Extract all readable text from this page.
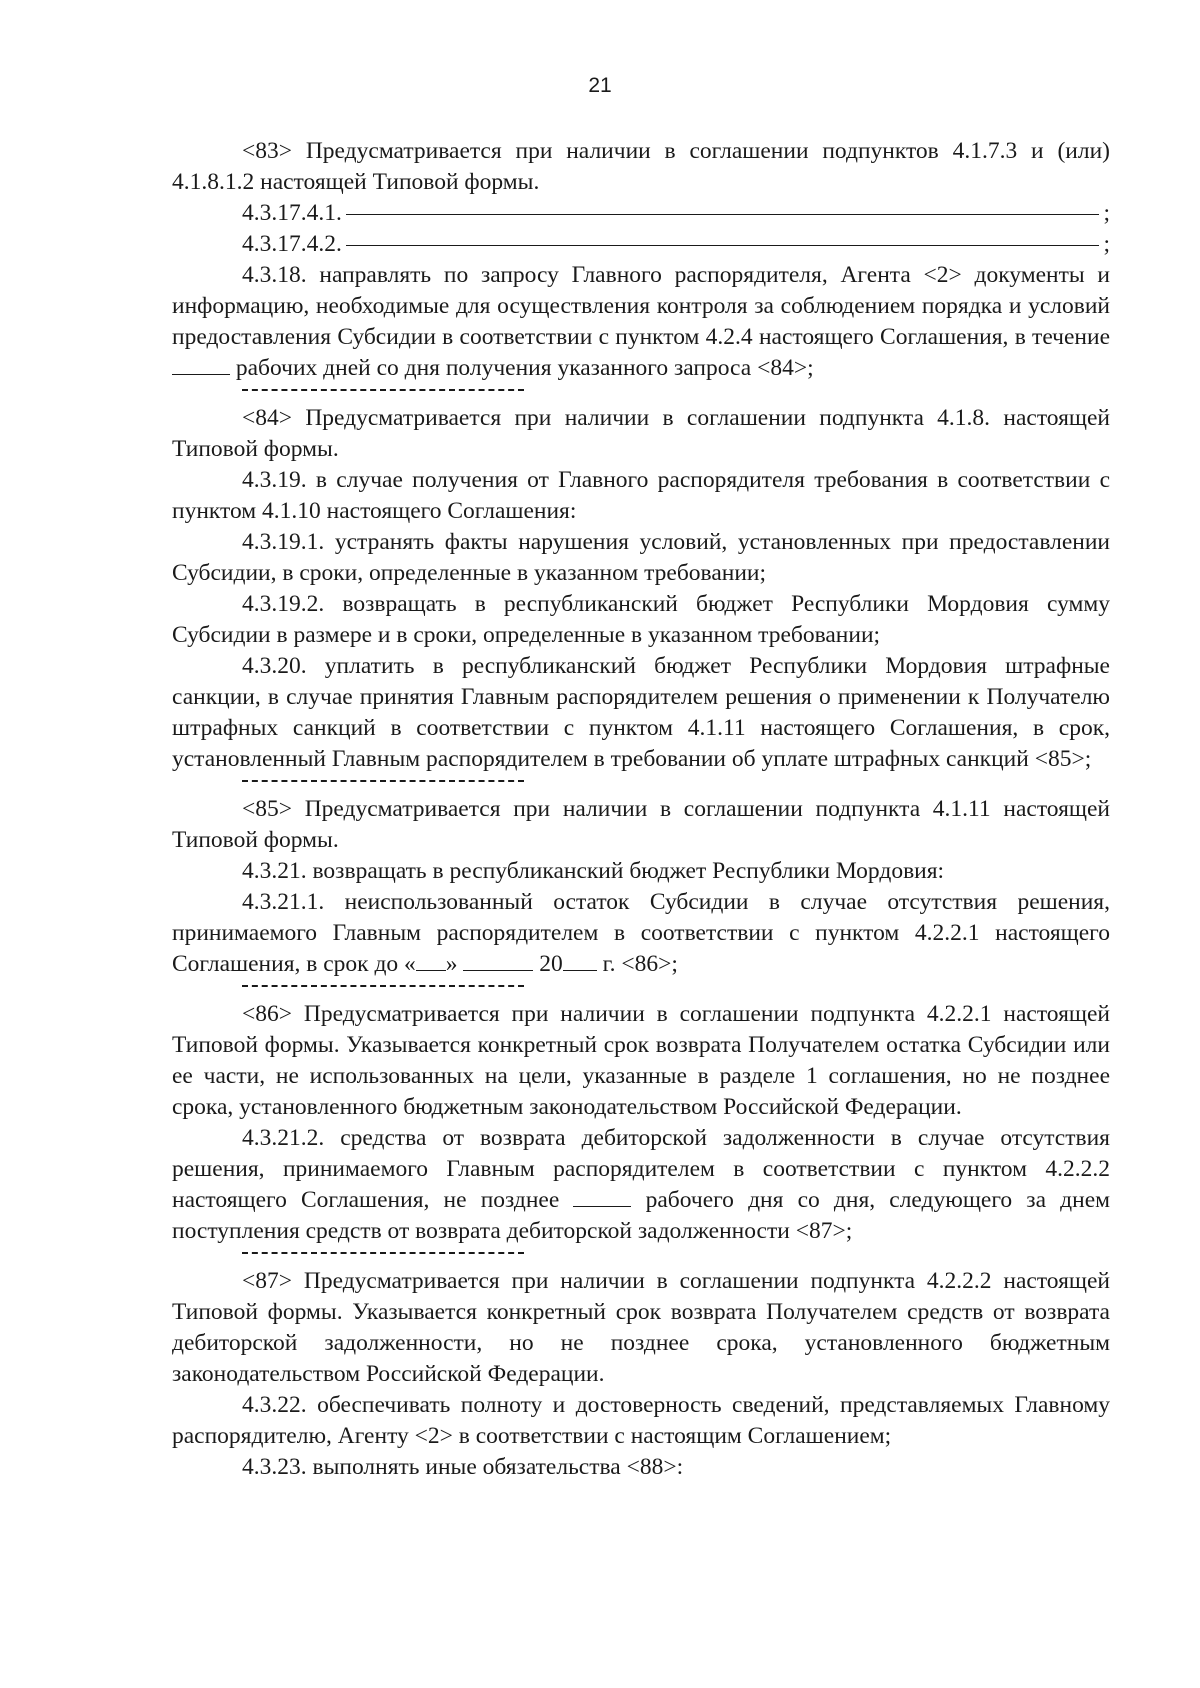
21

<83> Предусматривается при наличии в соглашении подпунктов 4.1.7.3 и (или) 4.1.8.1.2 настоящей Типовой формы.

4.3.17.4.1.	;
4.3.17.4.2.	;

4.3.18. направлять по запросу Главного распорядителя, Агента <2> документы и информацию, необходимые для осуществления контроля за соблюдением порядка и условий предоставления Субсидии в соответствии с пунктом 4.2.4 настоящего Соглашения, в течение  рабочих дней со дня получения указанного запроса <84>;

<84> Предусматривается при наличии в соглашении подпункта 4.1.8. настоящей Типовой формы.

4.3.19. в случае получения от Главного распорядителя требования в соответствии с пунктом 4.1.10 настоящего Соглашения:

4.3.19.1. устранять факты нарушения условий, установленных при предоставлении Субсидии, в сроки, определенные в указанном требовании;

4.3.19.2. возвращать в республиканский бюджет Республики Мордовия сумму Субсидии в размере и в сроки, определенные в указанном требовании;

4.3.20. уплатить в республиканский бюджет Республики Мордовия штрафные санкции, в случае принятия Главным распорядителем решения о применении к Получателю штрафных санкций в соответствии с пунктом 4.1.11 настоящего Соглашения, в срок, установленный Главным распорядителем в требовании об уплате штрафных санкций <85>;

<85> Предусматривается при наличии в соглашении подпункта 4.1.11 настоящей Типовой формы.

4.3.21. возвращать в республиканский бюджет Республики Мордовия:

4.3.21.1. неиспользованный остаток Субсидии в случае отсутствия решения, принимаемого Главным распорядителем в соответствии с пунктом 4.2.2.1 настоящего Соглашения, в срок до « »	20 г. <86>;

<86> Предусматривается при наличии в соглашении подпункта 4.2.2.1 настоящей Типовой формы. Указывается конкретный срок возврата Получателем остатка Субсидии или ее части, не использованных на цели, указанные в разделе 1 соглашения, но не позднее срока, установленного бюджетным законодательством Российской Федерации.

4.3.21.2. средства от возврата дебиторской задолженности в случае отсутствия решения, принимаемого Главным распорядителем в соответствии с пунктом 4.2.2.2 настоящего Соглашения, не позднее	рабочего дня со дня, следующего за днем поступления средств от возврата дебиторской задолженности <87>;

<87> Предусматривается при наличии в соглашении подпункта 4.2.2.2 настоящей Типовой формы. Указывается конкретный срок возврата Получателем средств от возврата дебиторской задолженности, но не позднее срока, установленного бюджетным законодательством Российской Федерации.

4.3.22. обеспечивать полноту и достоверность сведений, представляемых Главному распорядителю, Агенту <2> в соответствии с настоящим Соглашением;

4.3.23. выполнять иные обязательства <88>:
